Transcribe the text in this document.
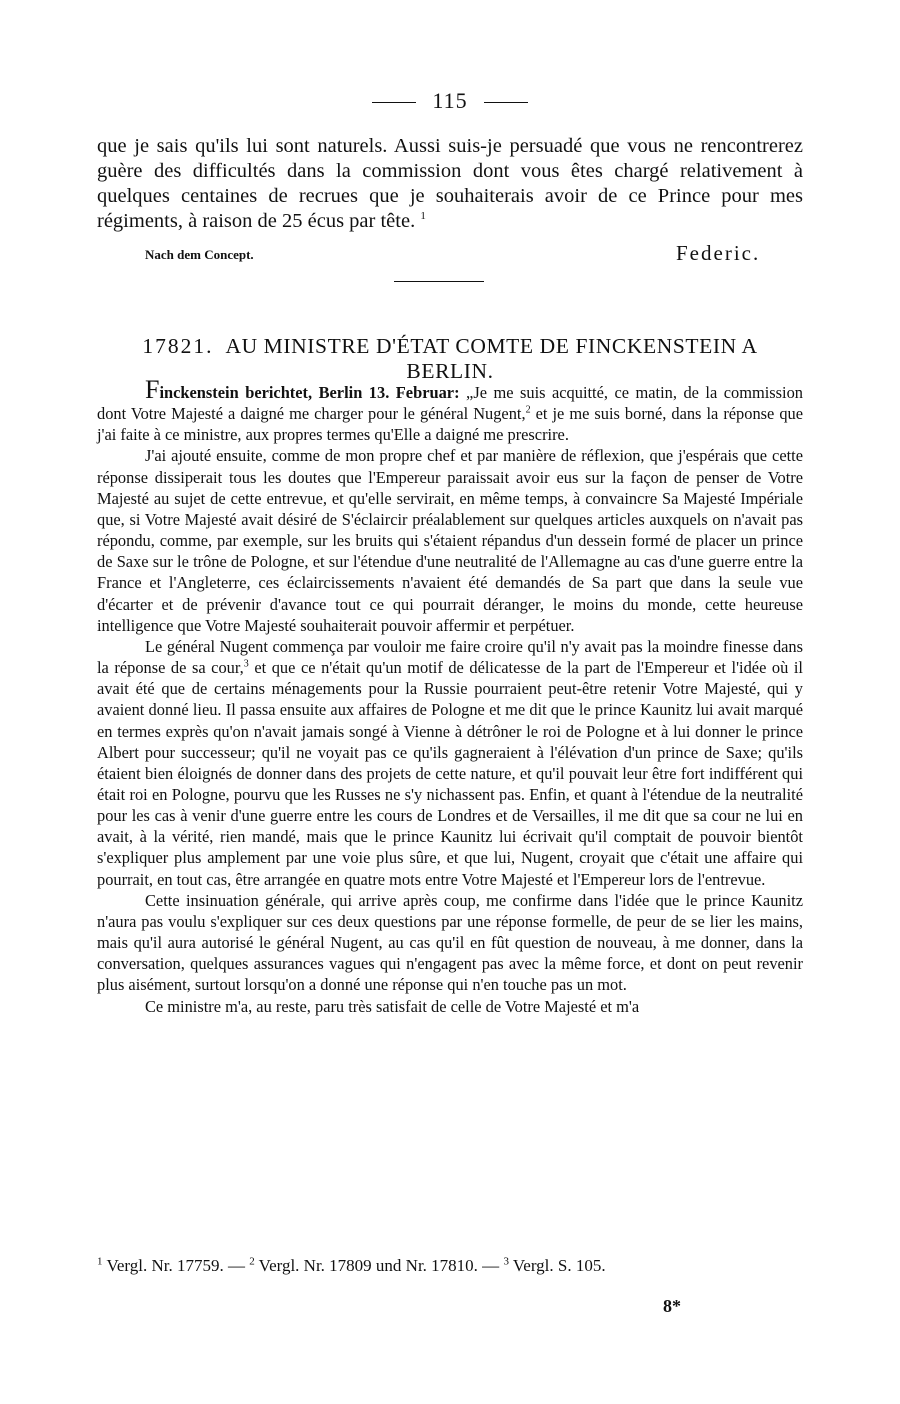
115
que je sais qu'ils lui sont naturels. Aussi suis-je persuadé que vous ne rencontrerez guère des difficultés dans la commission dont vous êtes chargé relativement à quelques centaines de recrues que je souhaiterais avoir de ce Prince pour mes régiments, à raison de 25 écus par tête. $^1$
Nach dem Concept.	Federic.
17821. AU MINISTRE D'ÉTAT COMTE DE FINCKENSTEIN A BERLIN.

Finckenstein berichtet, Berlin 13. Februar: „Je me suis acquitté, ce matin, de la commission dont Votre Majesté a daigné me charger pour le général Nugent,$^2$ et je me suis borné, dans la réponse que j'ai faite à ce ministre, aux propres termes qu'Elle a daigné me prescrire.

J'ai ajouté ensuite, comme de mon propre chef et par manière de réflexion, que j'espérais que cette réponse dissiperait tous les doutes que l'Empereur paraissait avoir eus sur la façon de penser de Votre Majesté au sujet de cette entrevue, et qu'elle servirait, en même temps, à convaincre Sa Majesté Impériale que, si Votre Majesté avait désiré de S'éclaircir préalablement sur quelques articles auxquels on n'avait pas répondu, comme, par exemple, sur les bruits qui s'étaient répandus d'un dessein formé de placer un prince de Saxe sur le trône de Pologne, et sur l'étendue d'une neutralité de l'Allemagne au cas d'une guerre entre la France et l'Angleterre, ces éclaircissements n'avaient été demandés de Sa part que dans la seule vue d'écarter et de prévenir d'avance tout ce qui pourrait déranger, le moins du monde, cette heureuse intelligence que Votre Majesté souhaiterait pouvoir affermir et perpétuer.

Le général Nugent commença par vouloir me faire croire qu'il n'y avait pas la moindre finesse dans la réponse de sa cour,$^3$ et que ce n'était qu'un motif de délicatesse de la part de l'Empereur et l'idée où il avait été que de certains ménagements pour la Russie pourraient peut-être retenir Votre Majesté, qui y avaient donné lieu. Il passa ensuite aux affaires de Pologne et me dit que le prince Kaunitz lui avait marqué en termes exprès qu'on n'avait jamais songé à Vienne à détrôner le roi de Pologne et à lui donner le prince Albert pour successeur; qu'il ne voyait pas ce qu'ils gagneraient à l'élévation d'un prince de Saxe; qu'ils étaient bien éloignés de donner dans des projets de cette nature, et qu'il pouvait leur être fort indifférent qui était roi en Pologne, pourvu que les Russes ne s'y nichassent pas. Enfin, et quant à l'étendue de la neutralité pour les cas à venir d'une guerre entre les cours de Londres et de Versailles, il me dit que sa cour ne lui en avait, à la vérité, rien mandé, mais que le prince Kaunitz lui écrivait qu'il comptait de pouvoir bientôt s'expliquer plus amplement par une voie plus sûre, et que lui, Nugent, croyait que c'était une affaire qui pourrait, en tout cas, être arrangée en quatre mots entre Votre Majesté et l'Empereur lors de l'entrevue.

Cette insinuation générale, qui arrive après coup, me confirme dans l'idée que le prince Kaunitz n'aura pas voulu s'expliquer sur ces deux questions par une réponse formelle, de peur de se lier les mains, mais qu'il aura autorisé le général Nugent, au cas qu'il en fût question de nouveau, à me donner, dans la conversation, quelques assurances vagues qui n'engagent pas avec la même force, et dont on peut revenir plus aisément, surtout lorsqu'on a donné une réponse qui n'en touche pas un mot.

Ce ministre m'a, au reste, paru très satisfait de celle de Votre Majesté et m'a

$^1$ Vergl. Nr. 17759. — $^2$ Vergl. Nr. 17809 und Nr. 17810. — $^3$ Vergl. S. 105.
8*
